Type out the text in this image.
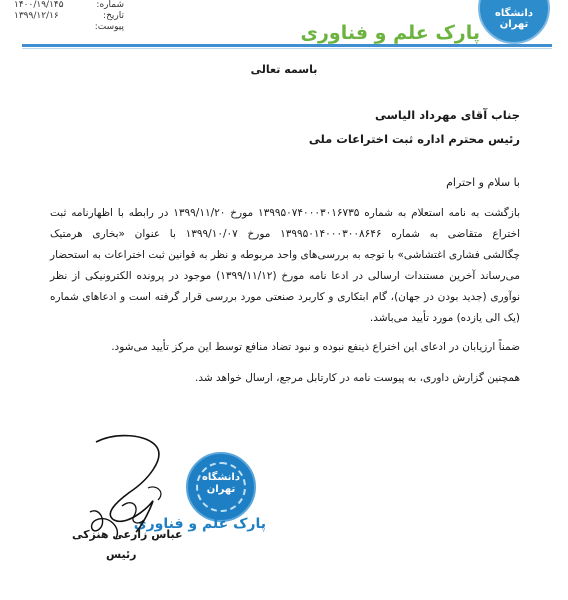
شماره:
۱۴۰۰/۱۹/۱۴۵
تاریخ:
۱۳۹۹/۱۲/۱۶
پیوست:
دانشگاه تهران
پارک علم و فناوری
باسمه تعالی
جناب آقای مهرداد الیاسی
رئیس محترم اداره ثبت اختراعات ملی
با سلام و احترام
بازگشت به نامه استعلام به شماره ۱۳۹۹۵۰۷۴۰۰۰۳۰۱۶۷۳۵ مورخ ۱۳۹۹/۱۱/۲۰ در رابطه با اظهارنامه ثبت
اختراع متقاضی به شماره ۱۳۹۹۵۰۱۴۰۰۰۳۰۰۸۶۴۶ مورخ ۱۳۹۹/۱۰/۰۷ با عنوان «بخاری هرمتیک
چگالشی فشاری اغتشاشی» با توجه به بررسی‌های واحد مربوطه و نظر به قوانین ثبت اختراعات به استحضار
می‌رساند آخرین مستندات ارسالی در ادعا نامه مورخ (۱۳۹۹/۱۱/۱۲) موجود در پرونده الکترونیکی از نظر
نوآوری (جدید بودن در جهان)، گام ابتکاری و کاربرد صنعتی مورد بررسی قرار گرفته است و ادعاهای شماره
(یک الی یازده) مورد تأیید می‌باشد.
ضمناً ارزیابان در ادعای این اختراع ذینفع نبوده و نبود تضاد منافع توسط این مرکز تأیید می‌شود.
همچنین گزارش داوری، به پیوست نامه در کارتابل مرجع، ارسال خواهد شد.
دانشگاه تهران
پارک علم و فناوری
عباس زارعی هنزکی
رئیس
